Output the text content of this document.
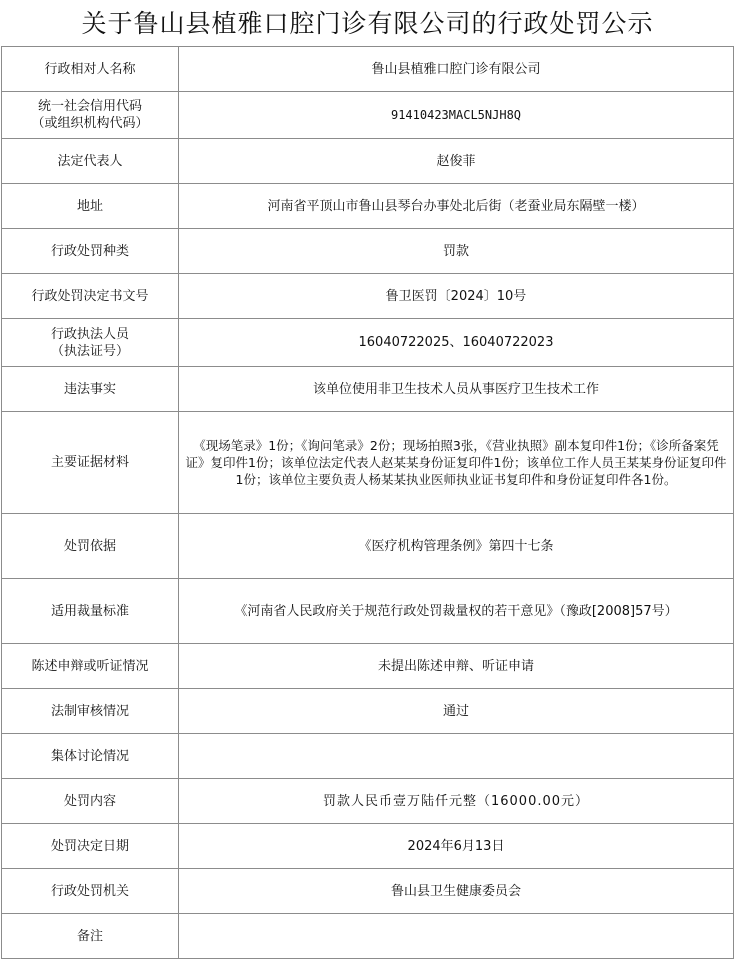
关于鲁山县植雅口腔门诊有限公司的行政处罚公示
行政相对人名称	鲁山县植雅口腔门诊有限公司

统一社会信用代码
（或组织机构代码）	91410423MACL5NJH8Q
法定代表人	赵俊菲
地址	河南省平顶山市鲁山县琴台办事处北后街（老蚕业局东隔壁一楼）
行政处罚种类	罚款
行政处罚决定书文号	鲁卫医罚〔2024〕10号

行政执法人员
（执法证号）	16040722025、16040722023
违法事实	该单位使用非卫生技术人员从事医疗卫生技术工作
主要证据材料	《现场笔录》1份；《询问笔录》2份；现场拍照3张，《营业执照》副本复印件1份；《诊所备案凭证》复印件1份；该单位法定代表人赵某某身份证复印件1份；该单位工作人员王某某身份证复印件1份；该单位主要负责人杨某某执业医师执业证书复印件和身份证复印件各1份。
处罚依据	《医疗机构管理条例》第四十七条
适用裁量标准	《河南省人民政府关于规范行政处罚裁量权的若干意见》（豫政[2008]57号）
陈述申辩或听证情况	未提出陈述申辩、听证申请
法制审核情况	通过
集体讨论情况	
处罚内容	罚款人民币壹万陆仟元整（16000.00元）
处罚决定日期	2024年6月13日
行政处罚机关	鲁山县卫生健康委员会
备注	
